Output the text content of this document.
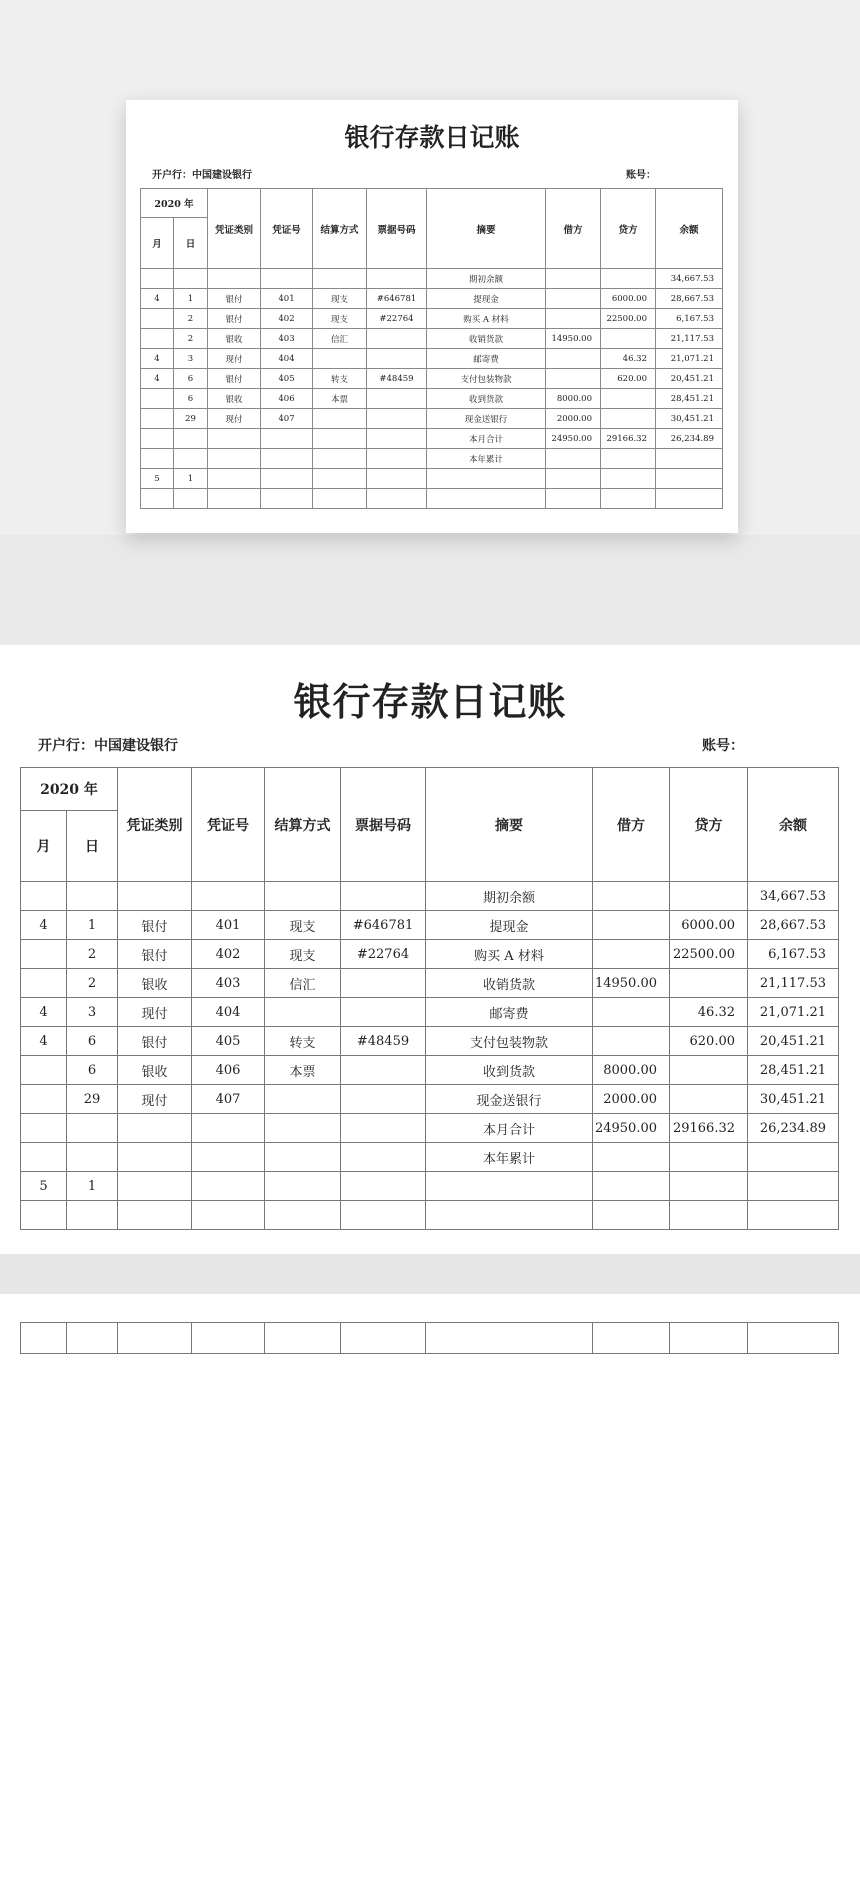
银行存款日记账
开户行：中国建设银行	账号：
2020 年		凭证类别	凭证号	结算方式	票据号码	摘要	借方	贷方	余额
月	日								
						期初余额			34,667.53
4	1	银付	401	现支	#646781	提现金		6000.00	28,667.53
	2	银付	402	现支	#22764	购买 A 材料		22500.00	6,167.53
	2	银收	403	信汇		收销货款	14950.00		21,117.53
4	3	现付	404			邮寄费		46.32	21,071.21
4	6	银付	405	转支	#48459	支付包装物款		620.00	20,451.21
	6	银收	406	本票		收到货款	8000.00		28,451.21
	29	现付	407			现金送银行	2000.00		30,451.21
						本月合计	24950.00	29166.32	26,234.89
						本年累计			
5	1								

银行存款日记账
开户行：中国建设银行	账号：
2020 年		凭证类别	凭证号	结算方式	票据号码	摘要	借方	贷方	余额
月	日								
						期初余额			34,667.53
4	1	银付	401	现支	#646781	提现金		6000.00	28,667.53
	2	银付	402	现支	#22764	购买 A 材料		22500.00	6,167.53
	2	银收	403	信汇		收销货款	14950.00		21,117.53
4	3	现付	404			邮寄费		46.32	21,071.21
4	6	银付	405	转支	#48459	支付包装物款		620.00	20,451.21
	6	银收	406	本票		收到货款	8000.00		28,451.21
	29	现付	407			现金送银行	2000.00		30,451.21
						本月合计	24950.00	29166.32	26,234.89
						本年累计			
5	1								
